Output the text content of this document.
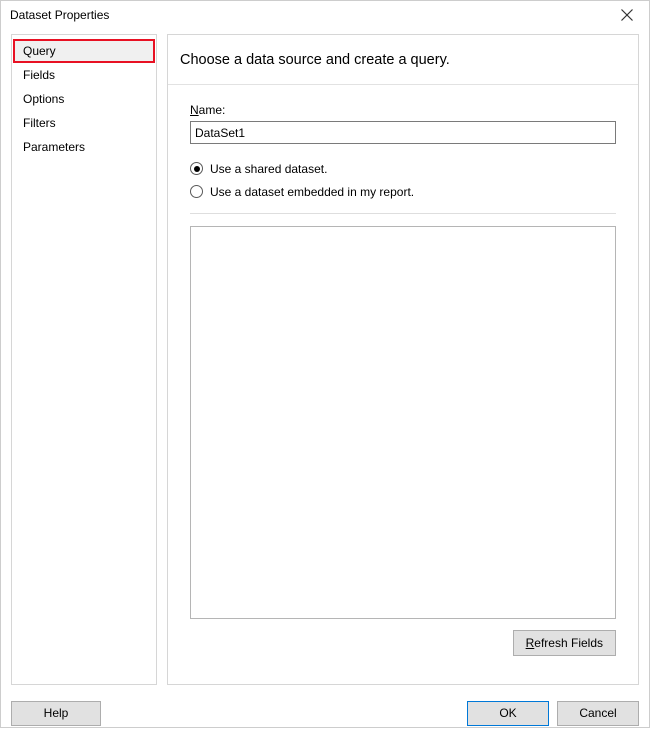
Dataset Properties
Query
Fields
Options
Filters
Parameters
Choose a data source and create a query.
Name:
DataSet1
Use a shared dataset.
Use a dataset embedded in my report.
R efresh Fields
Help	OK	Cancel
